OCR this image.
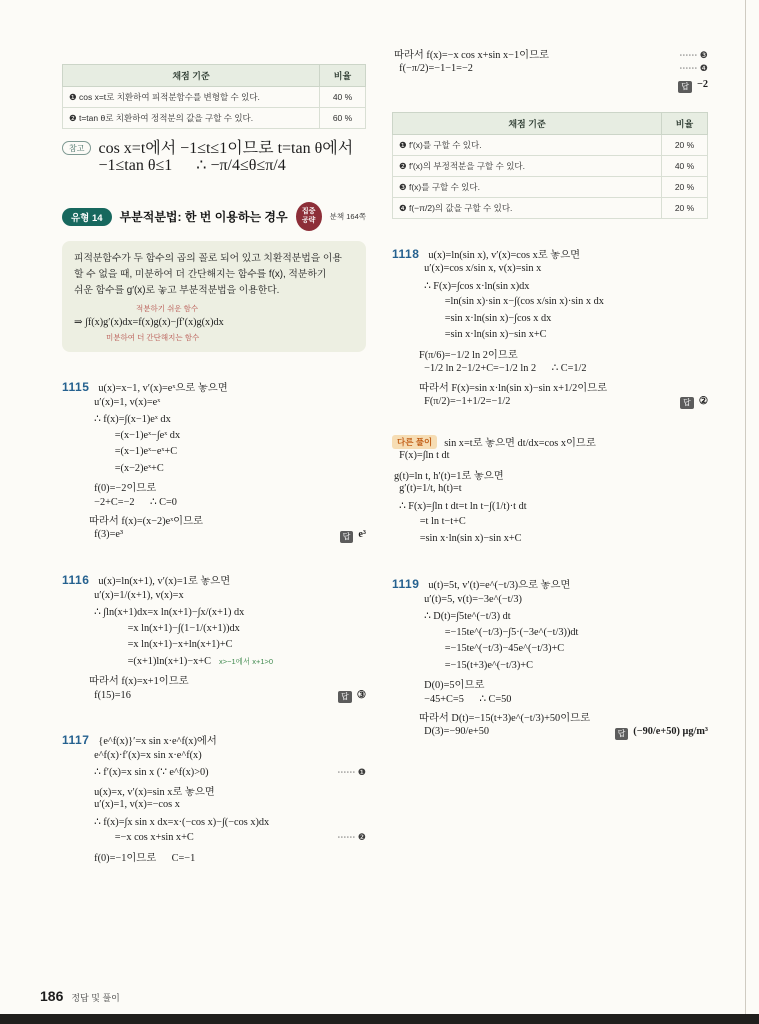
채점 기준	비율
❶ cos x=t로 치환하여 피적분함수를 변형할 수 있다.	40 %
❷ t=tan θ로 치환하여 정적분의 값을 구할 수 있다.	60 %
참고 cos x=t에서 −1≤t≤1이므로 t=tan θ에서
−1≤tan θ≤1      ∴ −π/4≤θ≤π/4
유형 14	부분적분법: 한 번 이용하는 경우	집중 공략	분책 164쪽
피적분함수가 두 함수의 곱의 꼴로 되어 있고 치환적분법을 이용
할 수 없을 때, 미분하여 더 간단해지는 함수를 f(x), 적분하기
쉬운 함수를 g′(x)로 놓고 부분적분법을 이용한다.
적분하기 쉬운 함수
⇒ ∫f(x)g′(x)dx=f(x)g(x)−∫f′(x)g(x)dx
미분하여 더 간단해지는 함수
1115 u(x)=x−1, v′(x)=eˣ으로 놓으면
u′(x)=1, v(x)=eˣ
∴ f(x)=∫(x−1)eˣ dx
=(x−1)eˣ−∫eˣ dx
=(x−1)eˣ−eˣ+C
=(x−2)eˣ+C
f(0)=−2이므로
−2+C=−2      ∴ C=0
따라서 f(x)=(x−2)eˣ이므로
f(3)=e³	답 e³
1116 u(x)=ln(x+1), v′(x)=1로 놓으면
u′(x)=1/(x+1), v(x)=x
∴ ∫ln(x+1)dx=x ln(x+1)−∫x/(x+1) dx
=x ln(x+1)−∫(1−1/(x+1))dx
=x ln(x+1)−x+ln(x+1)+C
=(x+1)ln(x+1)−x+C x>−1에서 x+1>0
따라서 f(x)=x+1이므로
f(15)=16	답 ③
1117 {e^f(x)}′=x sin x·e^f(x)에서
e^f(x)·f′(x)=x sin x·e^f(x)
∴ f′(x)=x sin x (∵ e^f(x)>0)	⋯⋯ ❶
u(x)=x, v′(x)=sin x로 놓으면
u′(x)=1, v(x)=−cos x
∴ f(x)=∫x sin x dx=x·(−cos x)−∫(−cos x)dx
=−x cos x+sin x+C	⋯⋯ ❷
f(0)=−1이므로      C=−1
따라서 f(x)=−x cos x+sin x−1이므로	⋯⋯ ❸
f(−π/2)=−1−1=−2	⋯⋯ ❹
답 −2
채점 기준	비율
❶ f′(x)를 구할 수 있다.	20 %
❷ f′(x)의 부정적분을 구할 수 있다.	40 %
❸ f(x)를 구할 수 있다.	20 %
❹ f(−π/2)의 값을 구할 수 있다.	20 %
1118 u(x)=ln(sin x), v′(x)=cos x로 놓으면
u′(x)=cos x/sin x, v(x)=sin x
∴ F(x)=∫cos x·ln(sin x)dx
=ln(sin x)·sin x−∫(cos x/sin x)·sin x dx
=sin x·ln(sin x)−∫cos x dx
=sin x·ln(sin x)−sin x+C
F(π/6)=−1/2 ln 2이므로
−1/2 ln 2−1/2+C=−1/2 ln 2      ∴ C=1/2
따라서 F(x)=sin x·ln(sin x)−sin x+1/2이므로
F(π/2)=−1+1/2=−1/2	답 ②
다른 풀이	sin x=t로 놓으면 dt/dx=cos x이므로
F(x)=∫ln t dt
g(t)=ln t, h′(t)=1로 놓으면
g′(t)=1/t, h(t)=t
∴ F(x)=∫ln t dt=t ln t−∫(1/t)·t dt
=t ln t−t+C
=sin x·ln(sin x)−sin x+C
1119 u(t)=5t, v′(t)=e^(−t/3)으로 놓으면
u′(t)=5, v(t)=−3e^(−t/3)
∴ D(t)=∫5te^(−t/3) dt
=−15te^(−t/3)−∫5·(−3e^(−t/3))dt
=−15te^(−t/3)−45e^(−t/3)+C
=−15(t+3)e^(−t/3)+C
D(0)=5이므로
−45+C=5      ∴ C=50
따라서 D(t)=−15(t+3)e^(−t/3)+50이므로
D(3)=−90/e+50	답 (−90/e+50) μg/m³
186 정답 및 풀이
